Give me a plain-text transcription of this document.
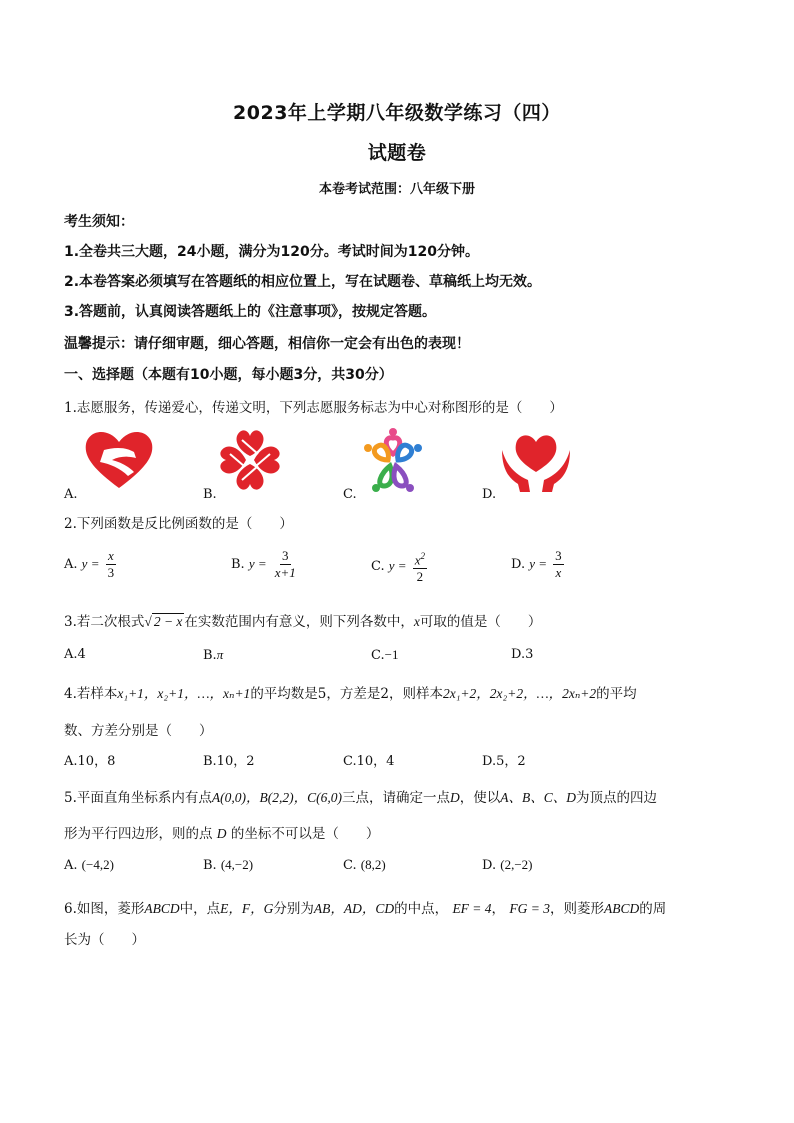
2023年上学期八年级数学练习（四）
试题卷
本卷考试范围：八年级下册
考生须知：
1.全卷共三大题，24小题，满分为120分。考试时间为120分钟。
2.本卷答案必须填写在答题纸的相应位置上，写在试题卷、草稿纸上均无效。
3.答题前，认真阅读答题纸上的《注意事项》，按规定答题。
温馨提示：请仔细审题，细心答题，相信你一定会有出色的表现！
一、选择题（本题有10小题，每小题3分，共30分）
1.志愿服务，传递爱心，传递文明，下列志愿服务标志为中心对称图形的是（　　）
A.	B.	C.	D.
2.下列函数是反比例函数的是（　　）
A. $y = \frac{x}{3}$	B. $y = \frac{3}{x+1}$	C. $y = \frac{x^2}{2}$	D. $y = \frac{3}{x}$
3.若二次根式√ 2 − x 在实数范围内有意义，则下列各数中，x可取的值是（　　）
A.4	B.π	C.−1	D.3
4.若样本x₁+1，x₂+1，…，xₙ+1的平均数是5，方差是2，则样本2x₁+2，2x₂+2，…，2xₙ+2的平均
数、方差分别是（　　）
A.10，8	B.10，2	C.10，4	D.5，2
5.平面直角坐标系内有点A(0,0)，B(2,2)，C(6,0)三点，请确定一点D，使以A、B、C、D为顶点的四边
形为平行四边形，则的点 D 的坐标不可以是（　　）
A. (−4,2)	B. (4,−2)	C. (8,2)	D. (2,−2)
6.如图，菱形ABCD中，点E，F，G分别为AB，AD，CD的中点， EF = 4， FG = 3，则菱形ABCD的周
长为（　　）
